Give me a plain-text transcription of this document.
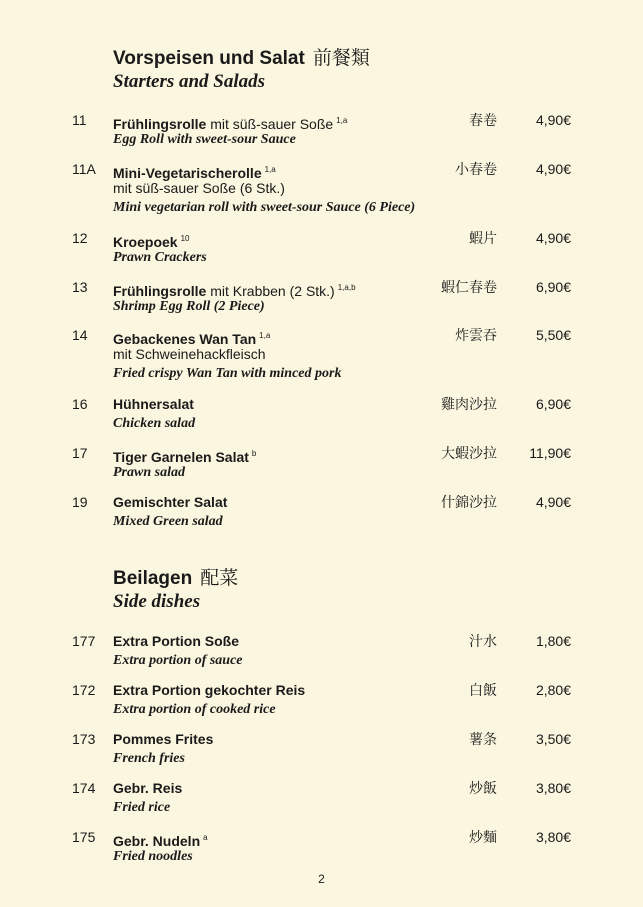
Vorspeisen und Salat 前餐類
Starters and Salads
11 Frühlingsrolle mit süß-sauer Soße $^{1,a}$
Egg Roll with sweet-sour Sauce
春卷	4,90€
11A Mini-Vegetarischerolle $^{1,a}$
mit süß-sauer Soße (6 Stk.)
Mini vegetarian roll with sweet-sour Sauce (6 Piece)
小春卷	4,90€
12 Kroepoek $^{10}$
Prawn Crackers
蝦片	4,90€
13 Frühlingsrolle mit Krabben (2 Stk.) $^{1,a,b}$
Shrimp Egg Roll (2 Piece)
蝦仁春卷	6,90€
14 Gebackenes Wan Tan $^{1,a}$
mit Schweinehackfleisch
Fried crispy Wan Tan with minced pork
炸雲吞	5,50€
16 Hühnersalat
Chicken salad
雞肉沙拉	6,90€
17 Tiger Garnelen Salat $^b$
Prawn salad
大蝦沙拉 11,90€
19 Gemischter Salat
Mixed Green salad
什錦沙拉	4,90€
Beilagen 配菜
Side dishes
177 Extra Portion Soße
Extra portion of sauce
汁水	1,80€
172 Extra Portion gekochter Reis
Extra portion of cooked rice
白飯	2,80€
173 Pommes Frites
French fries
薯条	3,50€
174 Gebr. Reis
Fried rice
炒飯	3,80€
175 Gebr. Nudeln $^a$
Fried noodles
炒麵	3,80€
2
